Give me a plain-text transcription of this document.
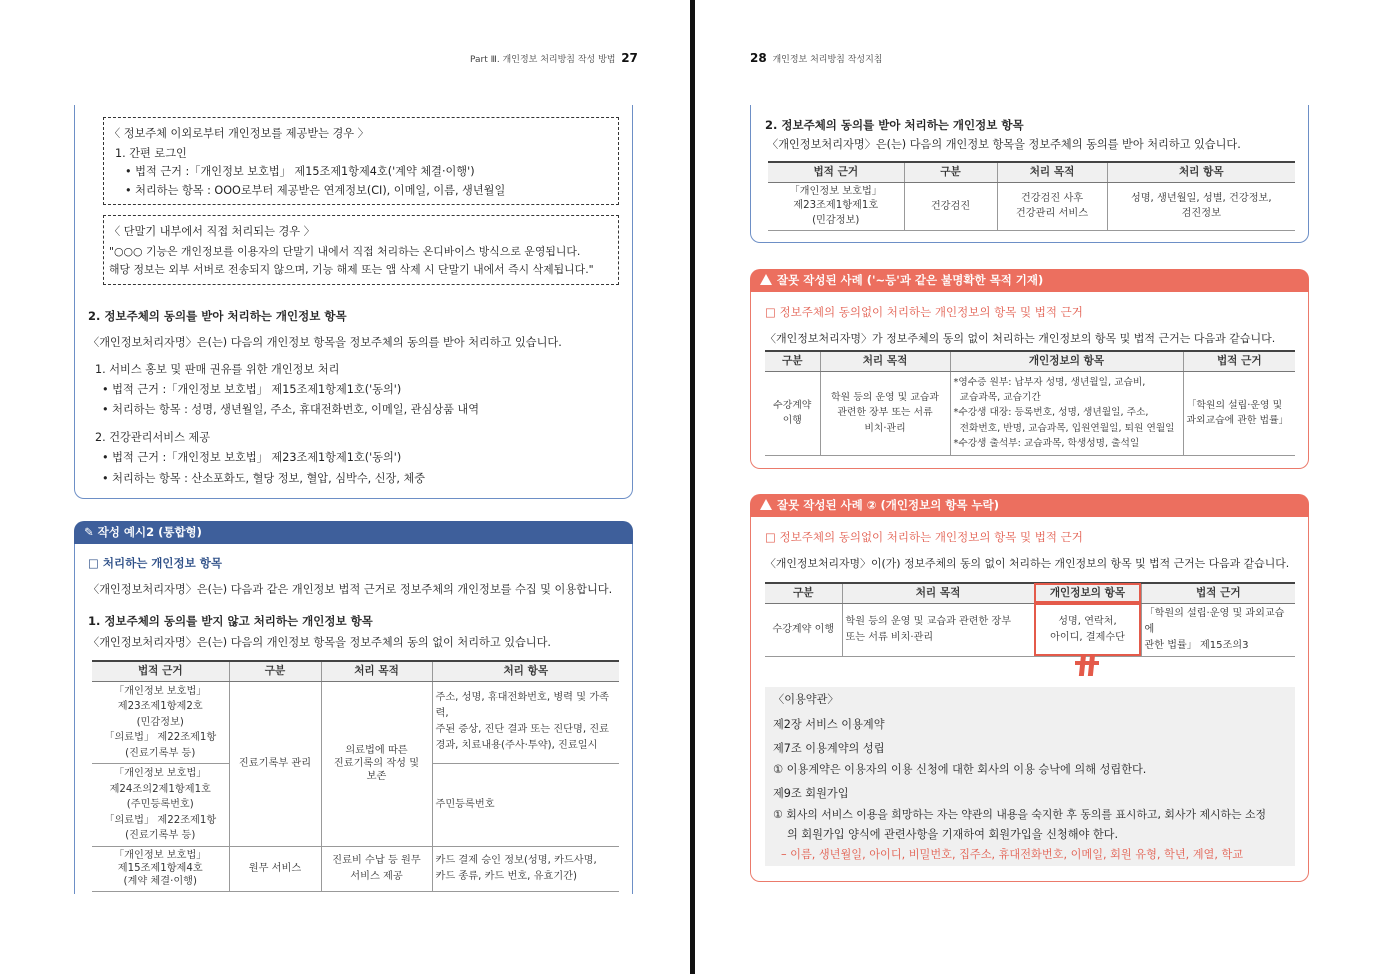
Part Ⅲ. 개인정보 처리방침 작성 방법 27
〈 정보주체 이외로부터 개인정보를 제공받는 경우 〉
1. 간편 로그인
• 법적 근거 :「개인정보 보호법」 제15조제1항제4호('계약 체결·이행')
• 처리하는 항목 : OOO로부터 제공받은 연계정보(CI), 이메일, 이름, 생년월일
〈 단말기 내부에서 직접 처리되는 경우 〉
"○○○ 기능은 개인정보를 이용자의 단말기 내에서 직접 처리하는 온디바이스 방식으로 운영됩니다.
해당 정보는 외부 서버로 전송되지 않으며, 기능 해제 또는 앱 삭제 시 단말기 내에서 즉시 삭제됩니다."
2. 정보주체의 동의를 받아 처리하는 개인정보 항목
〈개인정보처리자명〉은(는) 다음의 개인정보 항목을 정보주체의 동의를 받아 처리하고 있습니다.
1. 서비스 홍보 및 판매 권유를 위한 개인정보 처리
• 법적 근거 :「개인정보 보호법」 제15조제1항제1호('동의')
• 처리하는 항목 : 성명, 생년월일, 주소, 휴대전화번호, 이메일, 관심상품 내역
2. 건강관리서비스 제공
• 법적 근거 :「개인정보 보호법」 제23조제1항제1호('동의')
• 처리하는 항목 : 산소포화도, 혈당 정보, 혈압, 심박수, 신장, 체중
✎ 작성 예시2 (통합형)
□ 처리하는 개인정보 항목
〈개인정보처리자명〉은(는) 다음과 같은 개인정보 법적 근거로 정보주체의 개인정보를 수집 및 이용합니다.
1. 정보주체의 동의를 받지 않고 처리하는 개인정보 항목
〈개인정보처리자명〉은(는) 다음의 개인정보 항목을 정보주체의 동의 없이 처리하고 있습니다.
법적 근거	구분	처리 목적	처리 항목
「개인정보 보호법」
제23조제1항제2호
(민감정보)
「의료법」 제22조제1항
(진료기록부 등)	진료기록부 관리	의료법에 따른
진료기록의 작성 및
보존	주소, 성명, 휴대전화번호, 병력 및 가족력,
주된 증상, 진단 결과 또는 진단명, 진료
경과, 치료내용(주사·투약), 진료일시
「개인정보 보호법」
제24조의2제1항제1호
(주민등록번호)
「의료법」 제22조제1항
(진료기록부 등)			주민등록번호
「개인정보 보호법」
제15조제1항제4호
(계약 체결·이행)	원무 서비스	진료비 수납 등 원무
서비스 제공	카드 결제 승인 정보(성명, 카드사명,
카드 종류, 카드 번호, 유효기간)
28 개인정보 처리방침 작성지침
2. 정보주체의 동의를 받아 처리하는 개인정보 항목
〈개인정보처리자명〉은(는) 다음의 개인정보 항목을 정보주체의 동의를 받아 처리하고 있습니다.
법적 근거	구분	처리 목적	처리 항목
「개인정보 보호법」
제23조제1항제1호
(민감정보)	건강검진	건강검진 사후
건강관리 서비스	성명, 생년월일, 성별, 건강정보,
검진정보
잘못 작성된 사례 ('~등'과 같은 불명확한 목적 기재)
□ 정보주체의 동의없이 처리하는 개인정보의 항목 및 법적 근거
〈개인정보처리자명〉가 정보주체의 동의 없이 처리하는 개인정보의 항목 및 법적 근거는 다음과 같습니다.
구분	처리 목적	개인정보의 항목	법적 근거
수강계약
이행	학원 등의 운영 및 교습과
관련한 장부 또는 서류
비치·관리	*영수증 원부: 납부자 성명, 생년월일, 교습비,
교습과목, 교습기간
*수강생 대장: 등록번호, 성명, 생년월일, 주소,
전화번호, 반명, 교습과목, 입원연월일, 퇴원 연월일
*수강생 출석부: 교습과목, 학생성명, 출석일	「학원의 설립·운영 및
과외교습에 관한 법률」
잘못 작성된 사례 ② (개인정보의 항목 누락)
□ 정보주체의 동의없이 처리하는 개인정보의 항목 및 법적 근거
〈개인정보처리자명〉이(가) 정보주체의 동의 없이 처리하는 개인정보의 항목 및 법적 근거는 다음과 같습니다.
구분	처리 목적	개인정보의 항목	법적 근거
수강계약 이행	학원 등의 운영 및 교습과 관련한 장부
또는 서류 비치·관리	성명, 연락처,
아이디, 결제수단	「학원의 설립·운영 및 과외교습에
관한 법률」 제15조의3
〈이용약관〉
제2장 서비스 이용계약
제7조 이용계약의 성립
① 이용계약은 이용자의 이용 신청에 대한 회사의 이용 승낙에 의해 성립한다.
제9조 회원가입
① 회사의 서비스 이용을 희망하는 자는 약관의 내용을 숙지한 후 동의를 표시하고, 회사가 제시하는 소정
의 회원가입 양식에 관련사항을 기재하여 회원가입을 신청해야 한다.
– 이름, 생년월일, 아이디, 비밀번호, 집주소, 휴대전화번호, 이메일, 회원 유형, 학년, 계열, 학교
